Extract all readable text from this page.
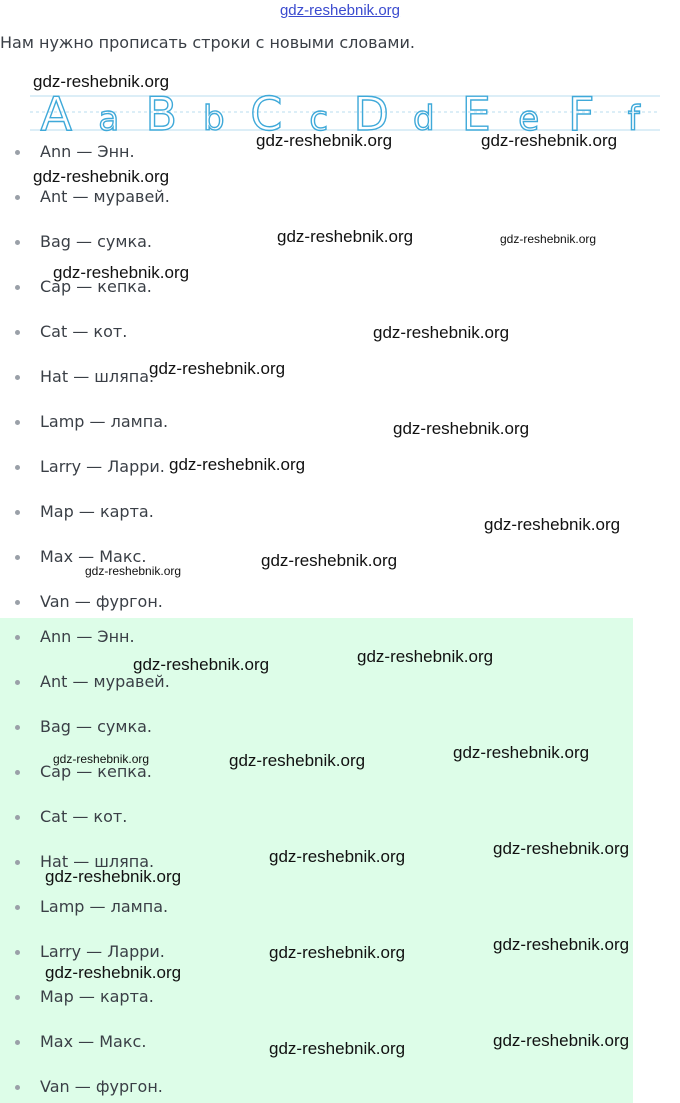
gdz-reshebnik.org
Нам нужно прописать строки с новыми словами.
A a B b C c D d E e F f
Ann — Энн.
Ant — муравей.
Bag — сумка.
Cap — кепка.
Cat — кот.
Hat — шляпа.
Lamp — лампа.
Larry — Ларри.
Map — карта.
Max — Макс.
Van — фургон.
Ann — Энн.
Ant — муравей.
Bag — сумка.
Cap — кепка.
Cat — кот.
Hat — шляпа.
Lamp — лампа.
Larry — Ларри.
Map — карта.
Max — Макс.
Van — фургон.
gdz-reshebnik.org
gdz-reshebnik.org	gdz-reshebnik.org
gdz-reshebnik.org
gdz-reshebnik.org	gdz-reshebnik.org
gdz-reshebnik.org
gdz-reshebnik.org
gdz-reshebnik.org
gdz-reshebnik.org
gdz-reshebnik.org
gdz-reshebnik.org
gdz-reshebnik.org
gdz-reshebnik.org
gdz-reshebnik.org
gdz-reshebnik.org
gdz-reshebnik.org	gdz-reshebnik.org	gdz-reshebnik.org
gdz-reshebnik.org	gdz-reshebnik.org
gdz-reshebnik.org
gdz-reshebnik.org	gdz-reshebnik.org
gdz-reshebnik.org
gdz-reshebnik.org	gdz-reshebnik.org
